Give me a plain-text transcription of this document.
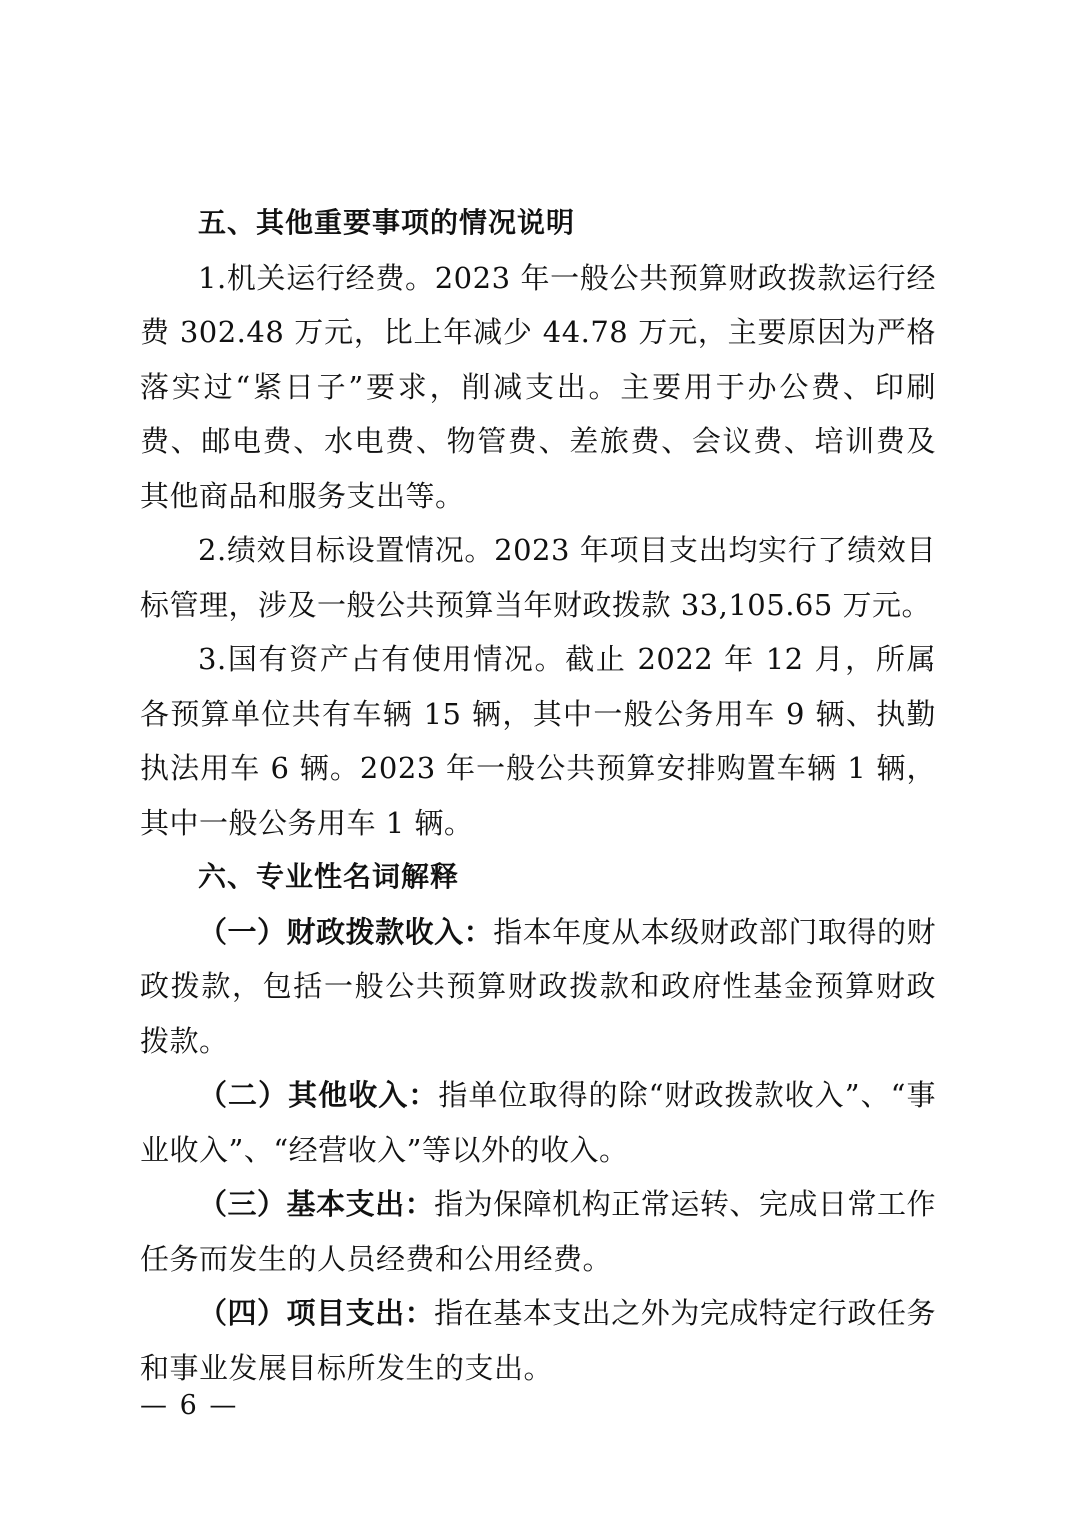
五、其他重要事项的情况说明

1.机关运行经费。2023 年一般公共预算财政拨款运行经费 302.48 万元，比上年减少 44.78 万元，主要原因为严格落实过“紧日子”要求，削减支出。主要用于办公费、印刷费、邮电费、水电费、物管费、差旅费、会议费、培训费及其他商品和服务支出等。

2.绩效目标设置情况。2023 年项目支出均实行了绩效目标管理，涉及一般公共预算当年财政拨款 33,105.65 万元。

3.国有资产占有使用情况。截止 2022 年 12 月，所属各预算单位共有车辆 15 辆，其中一般公务用车 9 辆、执勤执法用车 6 辆。2023 年一般公共预算安排购置车辆 1 辆，其中一般公务用车 1 辆。

六、专业性名词解释

（一）财政拨款收入：指本年度从本级财政部门取得的财政拨款，包括一般公共预算财政拨款和政府性基金预算财政拨款。

（二）其他收入：指单位取得的除“财政拨款收入”、“事业收入”、“经营收入”等以外的收入。

（三）基本支出：指为保障机构正常运转、完成日常工作任务而发生的人员经费和公用经费。

（四）项目支出：指在基本支出之外为完成特定行政任务和事业发展目标所发生的支出。

— 6 —
